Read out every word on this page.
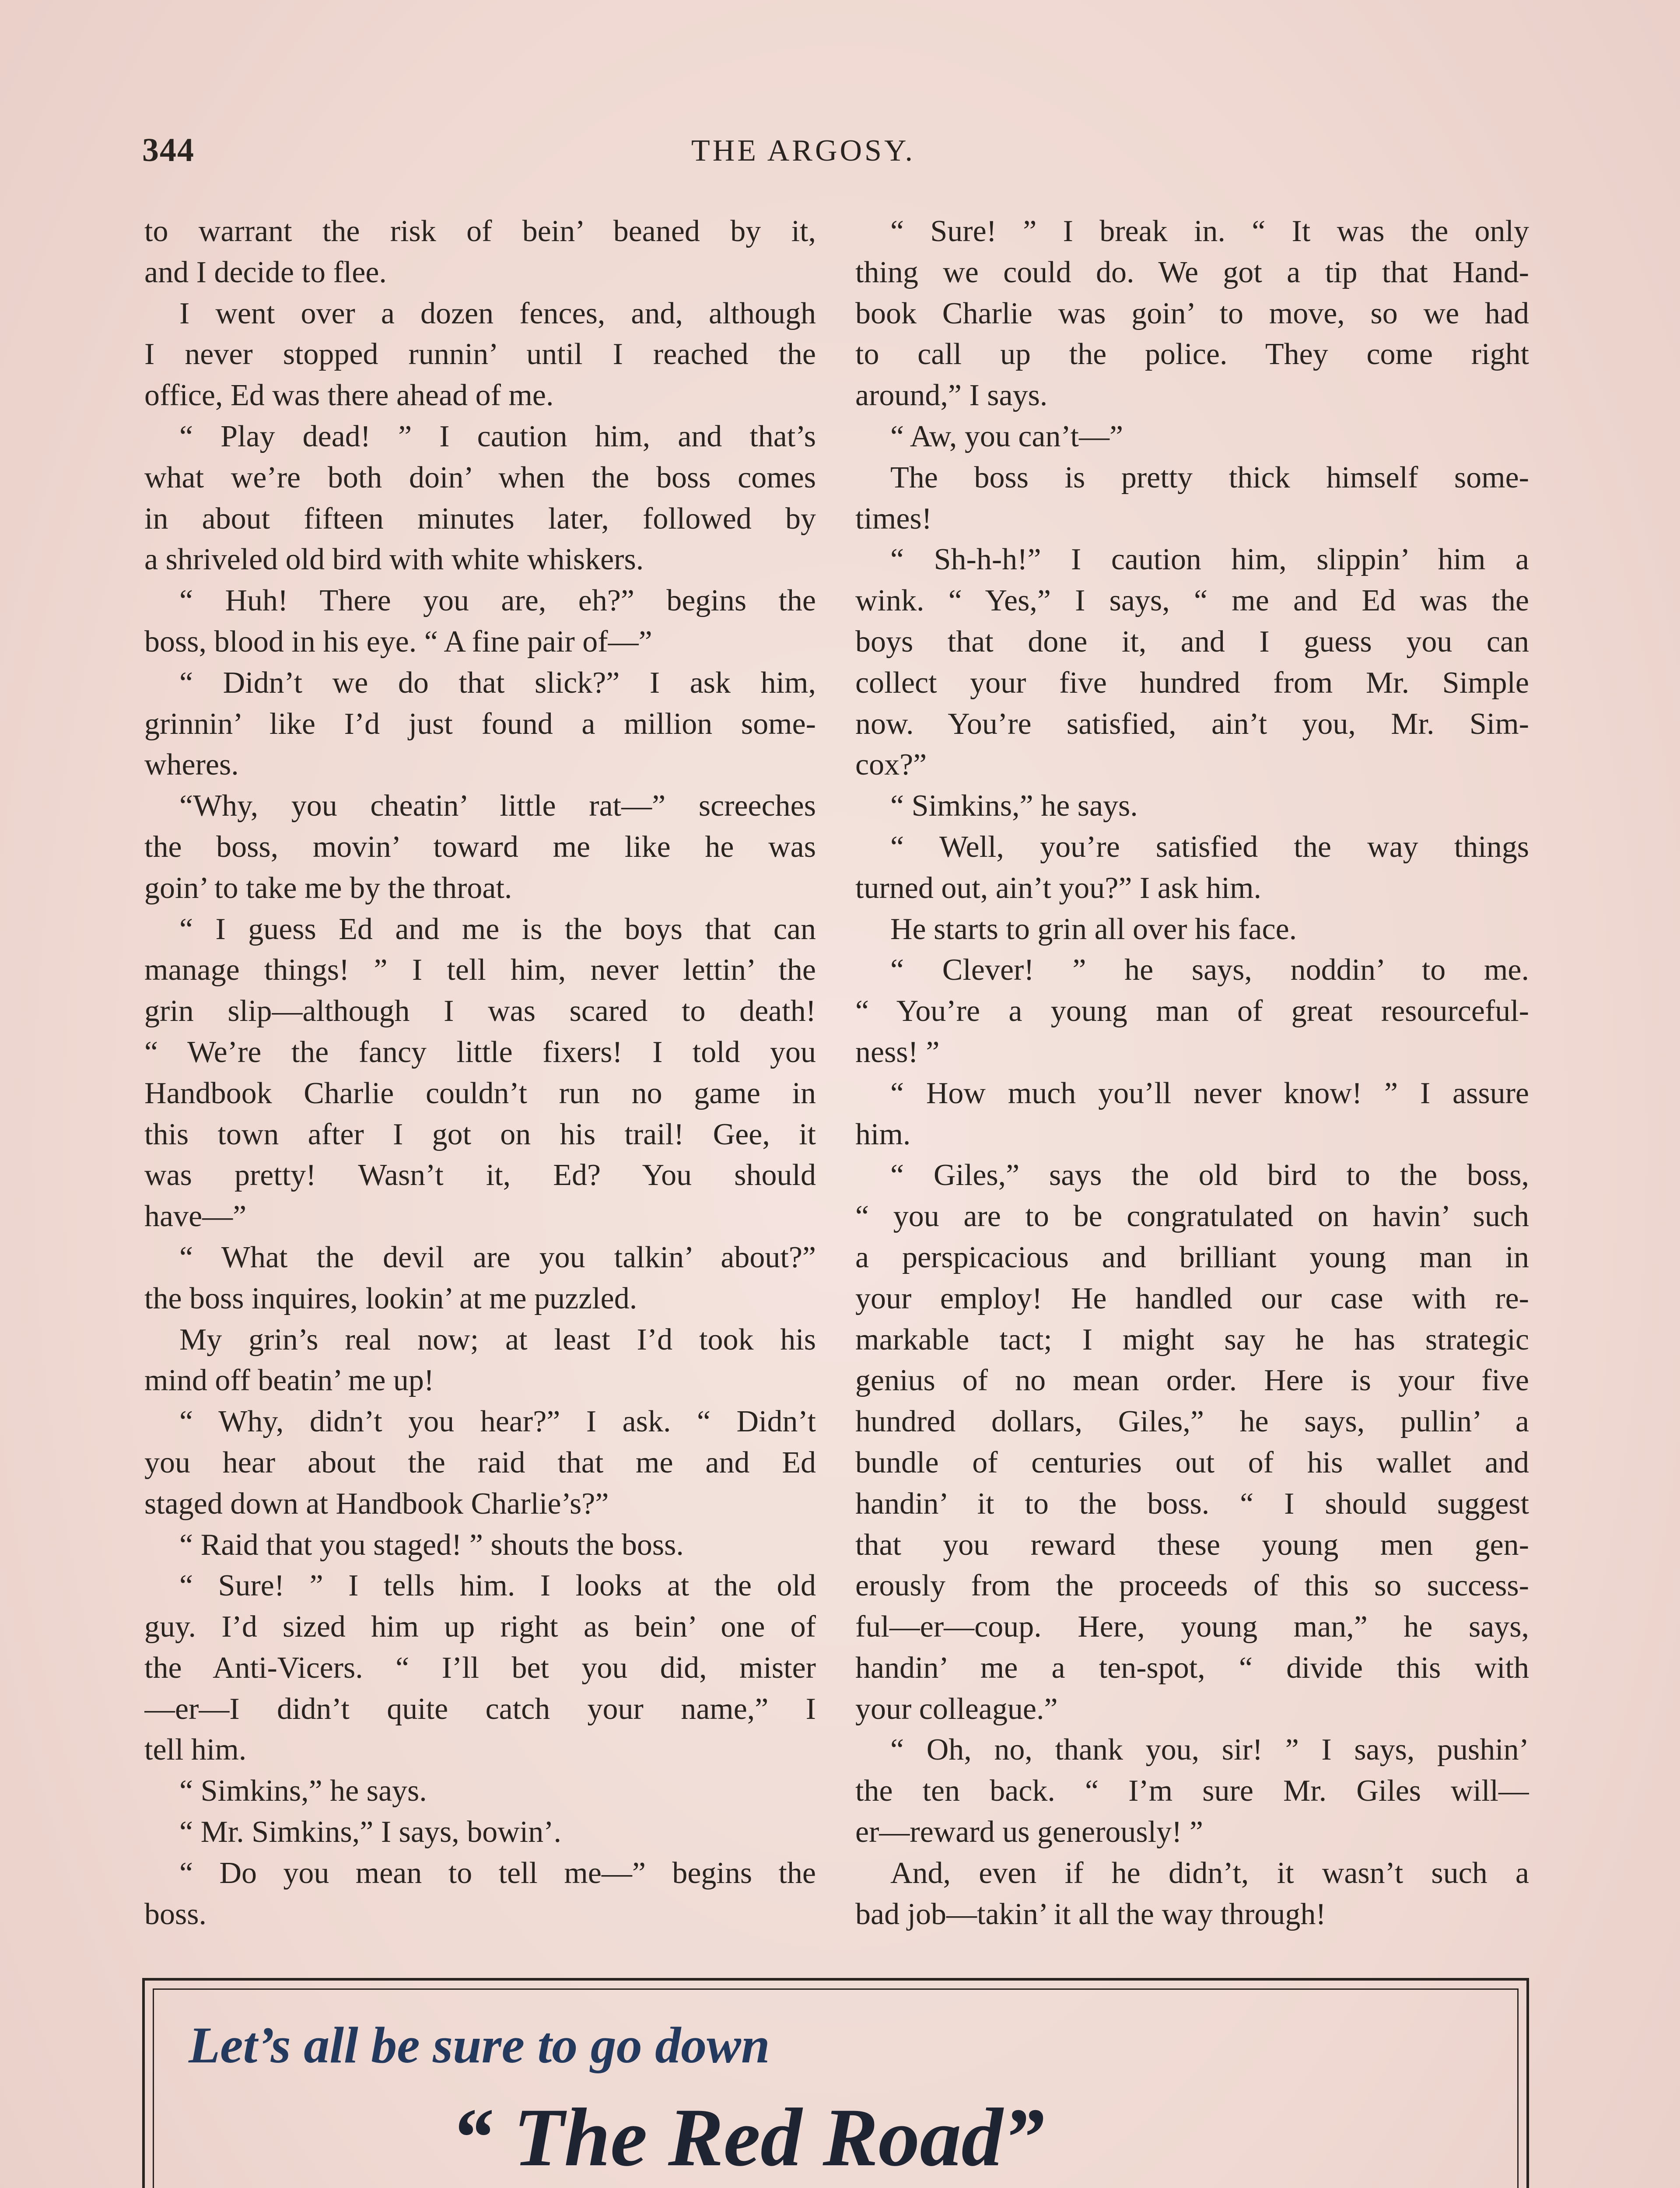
344	THE ARGOSY.
to warrant the risk of bein’ beaned by it,
and I decide to flee.
I went over a dozen fences, and, although
I never stopped runnin’ until I reached the
office, Ed was there ahead of me.
“ Play dead! ” I caution him, and that’s
what we’re both doin’ when the boss comes
in about fifteen minutes later, followed by
a shriveled old bird with white whiskers.
“ Huh! There you are, eh?” begins the
boss, blood in his eye. “ A fine pair of—”
“ Didn’t we do that slick?” I ask him,
grinnin’ like I’d just found a million some-
wheres.
“Why, you cheatin’ little rat—” screeches
the boss, movin’ toward me like he was
goin’ to take me by the throat.
“ I guess Ed and me is the boys that can
manage things! ” I tell him, never lettin’ the
grin slip—although I was scared to death!
“ We’re the fancy little fixers! I told you
Handbook Charlie couldn’t run no game in
this town after I got on his trail! Gee, it
was pretty! Wasn’t it, Ed? You should
have—”
“ What the devil are you talkin’ about?”
the boss inquires, lookin’ at me puzzled.
My grin’s real now; at least I’d took his
mind off beatin’ me up!
“ Why, didn’t you hear?” I ask. “ Didn’t
you hear about the raid that me and Ed
staged down at Handbook Charlie’s?”
“ Raid that you staged! ” shouts the boss.
“ Sure! ” I tells him. I looks at the old
guy. I’d sized him up right as bein’ one of
the Anti-Vicers. “ I’ll bet you did, mister
—er—I didn’t quite catch your name,” I
tell him.
“ Simkins,” he says.
“ Mr. Simkins,” I says, bowin’.
“ Do you mean to tell me—” begins the
boss.
“ Sure! ” I break in. “ It was the only
thing we could do. We got a tip that Hand-
book Charlie was goin’ to move, so we had
to call up the police. They come right
around,” I says.
“ Aw, you can’t—”
The boss is pretty thick himself some-
times!
“ Sh-h-h!” I caution him, slippin’ him a
wink. “ Yes,” I says, “ me and Ed was the
boys that done it, and I guess you can
collect your five hundred from Mr. Simple
now. You’re satisfied, ain’t you, Mr. Sim-
cox?”
“ Simkins,” he says.
“ Well, you’re satisfied the way things
turned out, ain’t you?” I ask him.
He starts to grin all over his face.
“ Clever! ” he says, noddin’ to me.
“ You’re a young man of great resourceful-
ness! ”
“ How much you’ll never know! ” I assure
him.
“ Giles,” says the old bird to the boss,
“ you are to be congratulated on havin’ such
a perspicacious and brilliant young man in
your employ! He handled our case with re-
markable tact; I might say he has strategic
genius of no mean order. Here is your five
hundred dollars, Giles,” he says, pullin’ a
bundle of centuries out of his wallet and
handin’ it to the boss. “ I should suggest
that you reward these young men gen-
erously from the proceeds of this so success-
ful—er—coup. Here, young man,” he says,
handin’ me a ten-spot, “ divide this with
your colleague.”
“ Oh, no, thank you, sir! ” I says, pushin’
the ten back. “ I’m sure Mr. Giles will—
er—reward us generously! ”
And, even if he didn’t, it wasn’t such a
bad job—takin’ it all the way through!
Let’s all be sure to go down
“ The Red Road”
